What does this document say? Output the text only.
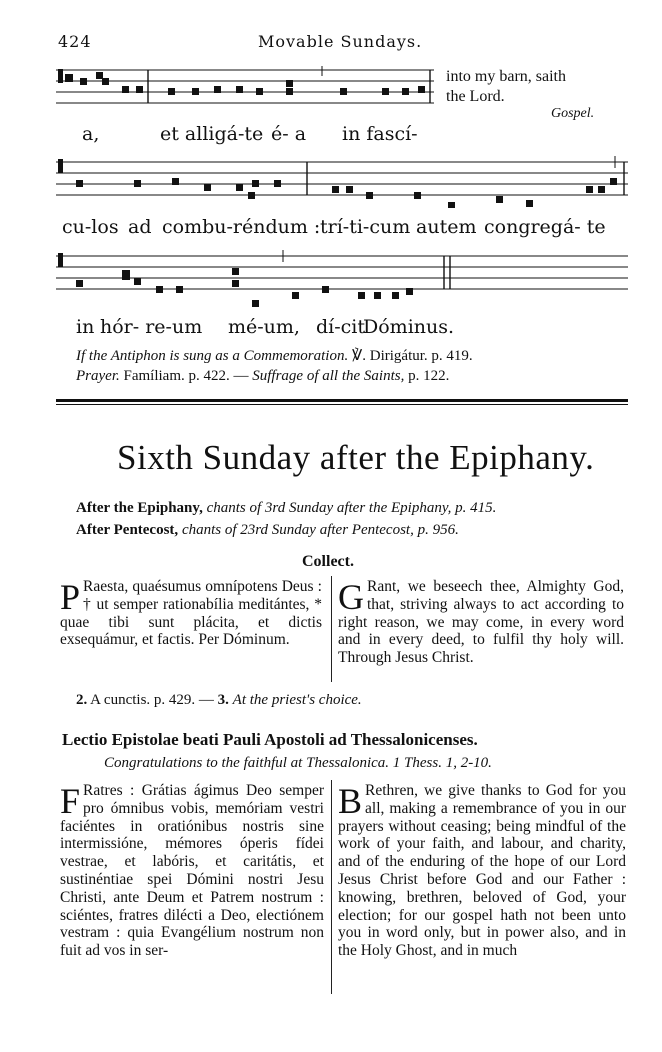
424	Movable Sundays.
into my barn, saith
the Lord.
Gospel.
a,	et alligá-te é- a in fascí-
cu-los ad combu-réndum : trí-ti-cum autem congregá- te
in hór- re-um mé-um, dí-cit
Dóminus.
If the Antiphon is sung as a Commemoration. ℣. Dirigátur. p. 419.
Prayer. Famíliam. p. 422. — Suffrage of all the Saints, p. 122.
Sixth Sunday after the Epiphany.
After the Epiphany, chants of 3rd Sunday after the Epiphany, p. 415.
After Pentecost, chants of 23rd Sunday after Pentecost, p. 956.
Collect.
P Raesta, quaésumus omnípotens Deus : † ut semper rationabília meditántes, * quae tibi sunt plácita, et dictis exsequámur, et factis. Per Dóminum.
G Rant, we beseech thee, Almighty God, that, striving always to act according to right reason, we may come, in every word and in every deed, to fulfil thy holy will. Through Jesus Christ.
2. A cunctis. p. 429. — 3. At the priest's choice.
Lectio Epistolae beati Pauli Apostoli ad Thessalonicenses.
Congratulations to the faithful at Thessalonica. 1 Thess. 1, 2-10.
F Ratres : Grátias ágimus Deo semper pro ómnibus vobis, memóriam vestri faciéntes in oratiónibus nostris sine intermissióne, mémores óperis fídei vestrae, et labóris, et caritátis, et sustinéntiae spei Dómini nostri Jesu Christi, ante Deum et Patrem nostrum : sciéntes, fratres dilécti a Deo, electiónem vestram : quia Evangélium nostrum non fuit ad vos in ser-
B Rethren, we give thanks to God for you all, making a remembrance of you in our prayers without ceasing; being mindful of the work of your faith, and labour, and charity, and of the enduring of the hope of our Lord Jesus Christ before God and our Father : knowing, brethren, beloved of God, your election; for our gospel hath not been unto you in word only, but in power also, and in the Holy Ghost, and in much
